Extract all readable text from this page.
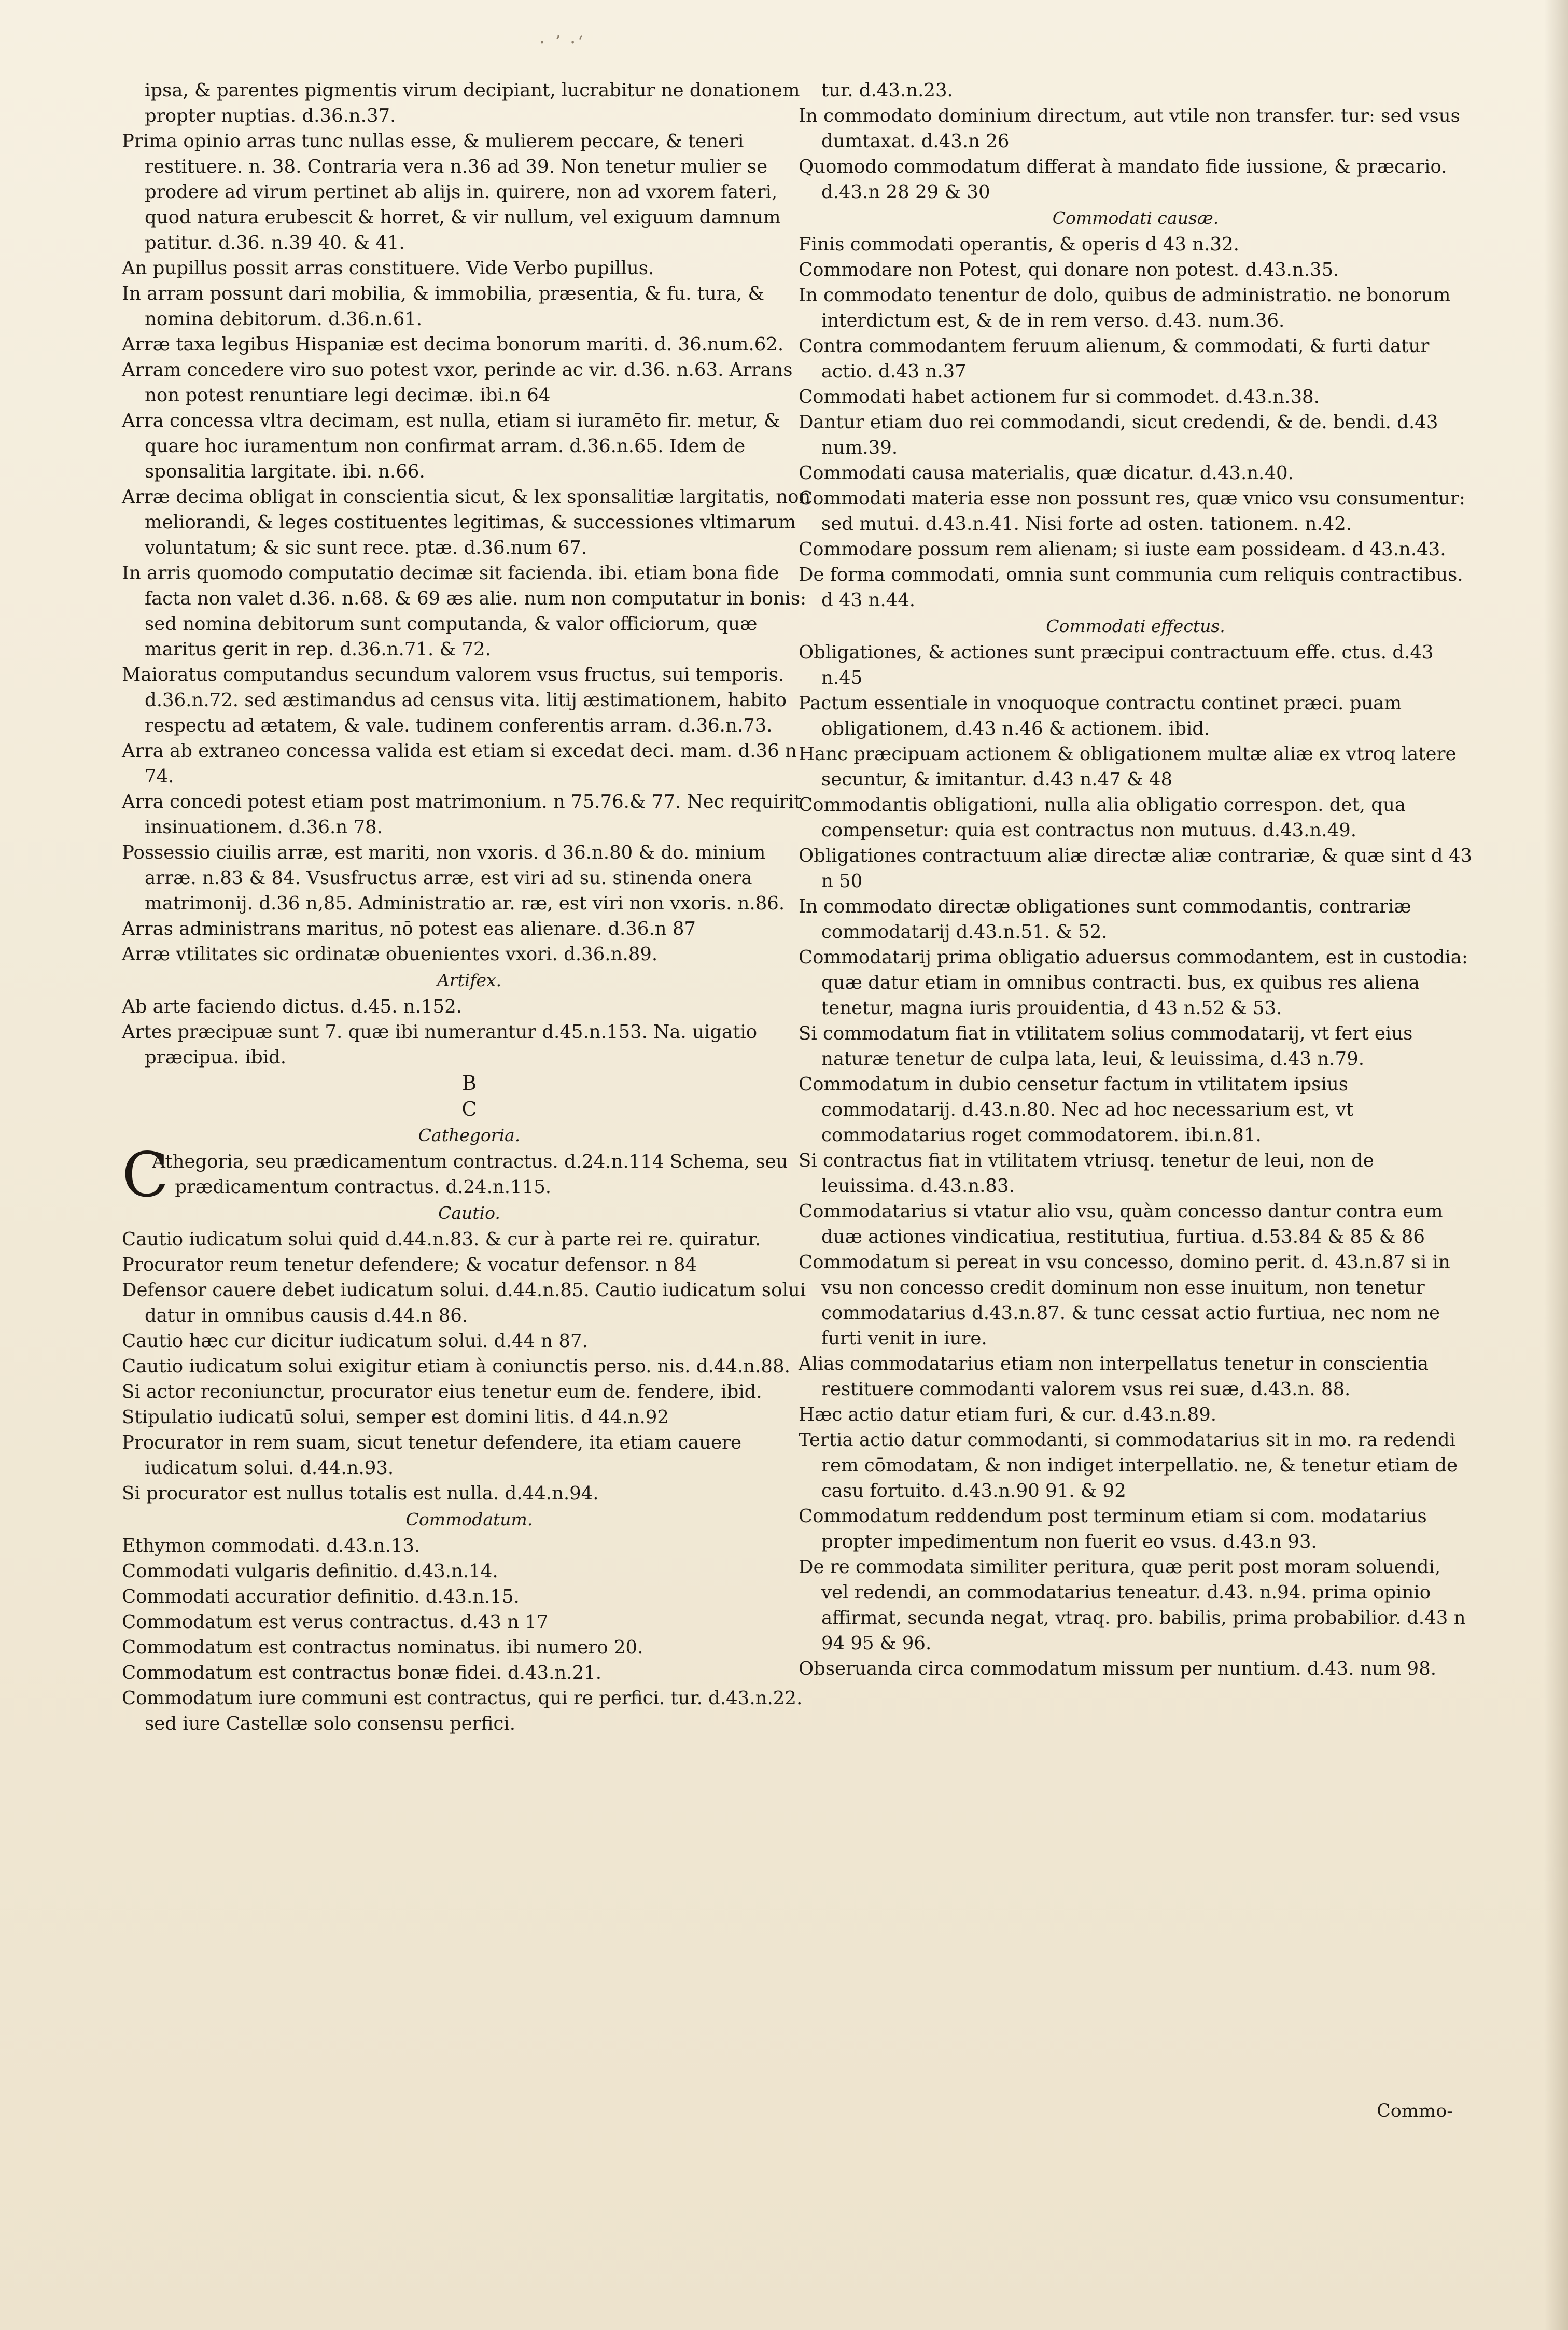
· ʼ ·ʻ

ipsa, & parentes pigmentis virum decipiant, lucrabitur ne donationem propter nuptias. d.36.n.37.

Prima opinio arras tunc nullas esse, & mulierem peccare, & teneri restituere. n. 38. Contraria vera n.36 ad 39. Non tenetur mulier se prodere ad virum pertinet ab alijs in. quirere, non ad vxorem fateri, quod natura erubescit & horret, & vir nullum, vel exiguum damnum patitur. d.36. n.39 40. & 41.

An pupillus possit arras constituere. Vide Verbo pupillus.

In arram possunt dari mobilia, & immobilia, præsentia, & fu. tura, & nomina debitorum. d.36.n.61.

Arræ taxa legibus Hispaniæ est decima bonorum mariti. d. 36.num.62.

Arram concedere viro suo potest vxor, perinde ac vir. d.36. n.63. Arrans non potest renuntiare legi decimæ. ibi.n 64

Arra concessa vltra decimam, est nulla, etiam si iuramēto fir. metur, & quare hoc iuramentum non confirmat arram. d.36.n.65. Idem de sponsalitia largitate. ibi. n.66.

Arræ decima obligat in conscientia sicut, & lex sponsalitiæ largitatis, non meliorandi, & leges costituentes legitimas, & successiones vltimarum voluntatum; & sic sunt rece. ptæ. d.36.num 67.

In arris quomodo computatio decimæ sit facienda. ibi. etiam bona fide facta non valet d.36. n.68. & 69 æs alie. num non computatur in bonis: sed nomina debitorum sunt computanda, & valor officiorum, quæ maritus gerit in rep. d.36.n.71. & 72.

Maioratus computandus secundum valorem vsus fructus, sui temporis. d.36.n.72. sed æstimandus ad census vita. litij æstimationem, habito respectu ad ætatem, & vale. tudinem conferentis arram. d.36.n.73.

Arra ab extraneo concessa valida est etiam si excedat deci. mam. d.36 n 74.

Arra concedi potest etiam post matrimonium. n 75.76.& 77. Nec requirit insinuationem. d.36.n 78.

Possessio ciuilis arræ, est mariti, non vxoris. d 36.n.80 & do. minium arræ. n.83 & 84. Vsusfructus arræ, est viri ad su. stinenda onera matrimonij. d.36 n,85. Administratio ar. ræ, est viri non vxoris. n.86.

Arras administrans maritus, nō potest eas alienare. d.36.n 87

Arræ vtilitates sic ordinatæ obuenientes vxori. d.36.n.89.

Artifex.

Ab arte faciendo dictus. d.45. n.152.

Artes præcipuæ sunt 7. quæ ibi numerantur d.45.n.153. Na. uigatio præcipua. ibid.

B

C

Cathegoria.

C
Athegoria, seu prædicamentum contractus. d.24.n.114 Schema, seu prædicamentum contractus. d.24.n.115.

Cautio.

Cautio iudicatum solui quid d.44.n.83. & cur à parte rei re. quiratur.

Procurator reum tenetur defendere; & vocatur defensor. n 84

Defensor cauere debet iudicatum solui. d.44.n.85. Cautio iudicatum solui datur in omnibus causis d.44.n 86.

Cautio hæc cur dicitur iudicatum solui. d.44 n 87.

Cautio iudicatum solui exigitur etiam à coniunctis perso. nis. d.44.n.88.

Si actor reconiunctur, procurator eius tenetur eum de. fendere, ibid.

Stipulatio iudicatū solui, semper est domini litis. d 44.n.92

Procurator in rem suam, sicut tenetur defendere, ita etiam cauere iudicatum solui. d.44.n.93.

Si procurator est nullus totalis est nulla. d.44.n.94.

Commodatum.

Ethymon commodati. d.43.n.13.

Commodati vulgaris definitio. d.43.n.14.

Commodati accuratior definitio. d.43.n.15.

Commodatum est verus contractus. d.43 n 17

Commodatum est contractus nominatus. ibi numero 20.

Commodatum est contractus bonæ fidei. d.43.n.21.

Commodatum iure communi est contractus, qui re perfici. tur. d.43.n.22. sed iure Castellæ solo consensu perfici.

tur. d.43.n.23.

In commodato dominium directum, aut vtile non transfer. tur: sed vsus dumtaxat. d.43.n 26

Quomodo commodatum differat à mandato fide iussione, & præcario. d.43.n 28 29 & 30

Commodati causæ.

Finis commodati operantis, & operis d 43 n.32.

Commodare non Potest, qui donare non potest. d.43.n.35.

In commodato tenentur de dolo, quibus de administratio. ne bonorum interdictum est, & de in rem verso. d.43. num.36.

Contra commodantem feruum alienum, & commodati, & furti datur actio. d.43 n.37

Commodati habet actionem fur si commodet. d.43.n.38.

Dantur etiam duo rei commodandi, sicut credendi, & de. bendi. d.43 num.39.

Commodati causa materialis, quæ dicatur. d.43.n.40.

Commodati materia esse non possunt res, quæ vnico vsu consumentur: sed mutui. d.43.n.41. Nisi forte ad osten. tationem. n.42.

Commodare possum rem alienam; si iuste eam possideam. d 43.n.43.

De forma commodati, omnia sunt communia cum reliquis contractibus. d 43 n.44.

Commodati effectus.

Obligationes, & actiones sunt præcipui contractuum effe. ctus. d.43 n.45

Pactum essentiale in vnoquoque contractu continet præci. puam obligationem, d.43 n.46 & actionem. ibid.

Hanc præcipuam actionem & obligationem multæ aliæ ex vtroq latere secuntur, & imitantur. d.43 n.47 & 48

Commodantis obligationi, nulla alia obligatio correspon. det, qua compensetur: quia est contractus non mutuus. d.43.n.49.

Obligationes contractuum aliæ directæ aliæ contrariæ, & quæ sint d 43 n 50

In commodato directæ obligationes sunt commodantis, contrariæ commodatarij d.43.n.51. & 52.

Commodatarij prima obligatio aduersus commodantem, est in custodia: quæ datur etiam in omnibus contracti. bus, ex quibus res aliena tenetur, magna iuris prouidentia, d 43 n.52 & 53.

Si commodatum fiat in vtilitatem solius commodatarij, vt fert eius naturæ tenetur de culpa lata, leui, & leuissima, d.43 n.79.

Commodatum in dubio censetur factum in vtilitatem ipsius commodatarij. d.43.n.80. Nec ad hoc necessarium est, vt commodatarius roget commodatorem. ibi.n.81.

Si contractus fiat in vtilitatem vtriusq. tenetur de leui, non de leuissima. d.43.n.83.

Commodatarius si vtatur alio vsu, quàm concesso dantur contra eum duæ actiones vindicatiua, restitutiua, furtiua. d.53.84 & 85 & 86

Commodatum si pereat in vsu concesso, domino perit. d. 43.n.87 si in vsu non concesso credit dominum non esse inuitum, non tenetur commodatarius d.43.n.87. & tunc cessat actio furtiua, nec nom ne furti venit in iure.

Alias commodatarius etiam non interpellatus tenetur in conscientia restituere commodanti valorem vsus rei suæ, d.43.n. 88.

Hæc actio datur etiam furi, & cur. d.43.n.89.

Tertia actio datur commodanti, si commodatarius sit in mo. ra redendi rem cōmodatam, & non indiget interpellatio. ne, & tenetur etiam de casu fortuito. d.43.n.90 91. & 92

Commodatum reddendum post terminum etiam si com. modatarius propter impedimentum non fuerit eo vsus. d.43.n 93.

De re commodata similiter peritura, quæ perit post moram soluendi, vel redendi, an commodatarius teneatur. d.43. n.94. prima opinio affirmat, secunda negat, vtraq. pro. babilis, prima probabilior. d.43 n 94 95 & 96.

Obseruanda circa commodatum missum per nuntium. d.43. num 98.

Commo-
